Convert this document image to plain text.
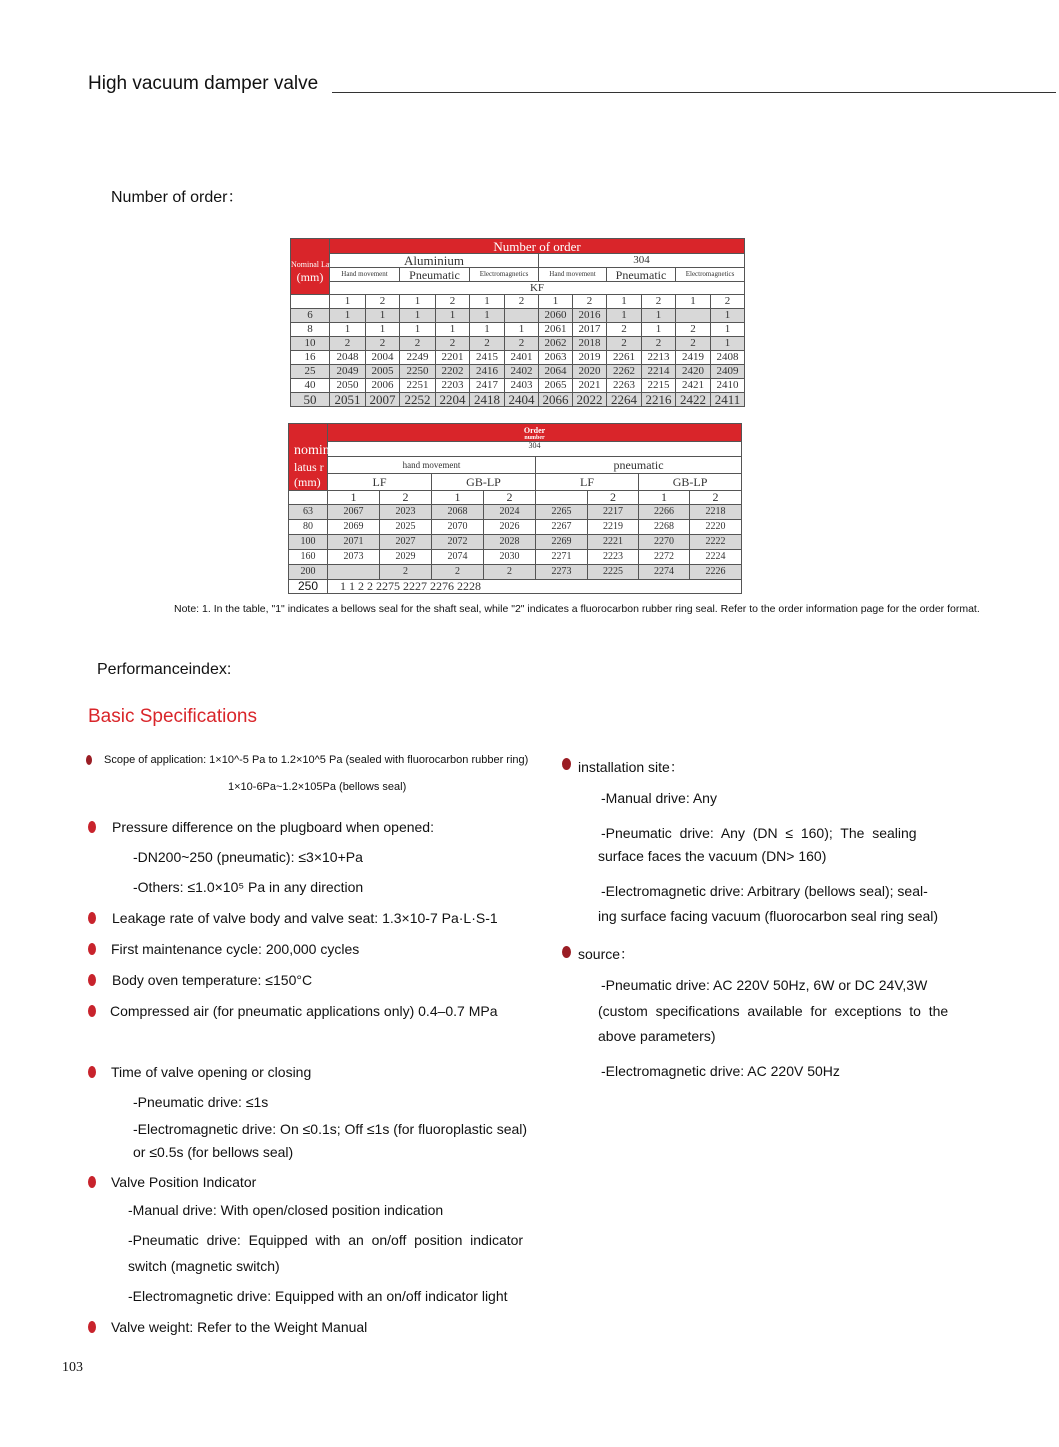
High vacuum damper valve
Number of order：
Nominal Latus rectum
(mm)	Number of order											
	Aluminium						304					
	Hand movement		Pneumatic		Electromagnetics		Hand movement		Pneumatic		Electromagnetics	
	KF											
	1	2	1	2	1	2	1	2	1	2	1	2
6	1	1	1	1	1		2060	2016	1	1		1
8	1	1	1	1	1	1	2061	2017	2	1	2	1
10	2	2	2	2	2	2	2062	2018	2	2	2	1
16	2048	2004	2249	2201	2415	2401	2063	2019	2261	2213	2419	2408
25	2049	2005	2250	2202	2416	2402	2064	2020	2262	2214	2420	2409
40	2050	2006	2251	2203	2417	2403	2065	2021	2263	2215	2421	2410
50	2051	2007	2252	2204	2418	2404	2066	2022	2264	2216	2422	2411
nomin
latus r
(mm)	Order
number							

	304							
	hand movement				pneumatic			
	LF		GB-LP		LF		GB-LP	
	1	2	1	2		2	1	2
63	2067	2023	2068	2024	2265	2217	2266	2218
80	2069	2025	2070	2026	2267	2219	2268	2220
100	2071	2027	2072	2028	2269	2221	2270	2222
160	2073	2029	2074	2030	2271	2223	2272	2224
200		2	2	2	2273	2225	2274	2226
250	1 1 2 2 2275 2227 2276 2228							
Note: 1. In the table, "1" indicates a bellows seal for the shaft seal, while "2" indicates a fluorocarbon rubber ring seal. Refer to the order information page for the order format.
Performanceindex:
Basic Specifications
Scope of application: 1×10^-5 Pa to 1.2×10^5 Pa (sealed with fluorocarbon rubber ring)
1×10-6Pa~1.2×105Pa (bellows seal)
Pressure difference on the plugboard when opened:
-DN200~250 (pneumatic): ≤3×10+Pa
-Others: ≤1.0×10⁵ Pa in any direction
Leakage rate of valve body and valve seat: 1.3×10-7 Pa·L·S-1
First maintenance cycle: 200,000 cycles
Body oven temperature: ≤150°C
Compressed air (for pneumatic applications only) 0.4–0.7 MPa
Time of valve opening or closing
-Pneumatic drive: ≤1s
-Electromagnetic drive: On ≤0.1s; Off ≤1s (for fluoroplastic seal)
or ≤0.5s (for bellows seal)
Valve Position Indicator
-Manual drive: With open/closed position indication
-Pneumatic  drive:  Equipped  with  an  on/off  position  indicator
switch (magnetic switch)
-Electromagnetic drive: Equipped with an on/off indicator light
Valve weight: Refer to the Weight Manual
installation site：
-Manual drive: Any
-Pneumatic  drive:  Any  (DN  ≤  160);  The  sealing
surface faces the vacuum (DN> 160)
-Electromagnetic drive: Arbitrary (bellows seal); seal-
ing surface facing vacuum (fluorocarbon seal ring seal)
source：
-Pneumatic drive: AC 220V 50Hz, 6W or DC 24V,3W
(custom  specifications  available  for  exceptions  to  the
above parameters)
-Electromagnetic drive: AC 220V 50Hz
103
